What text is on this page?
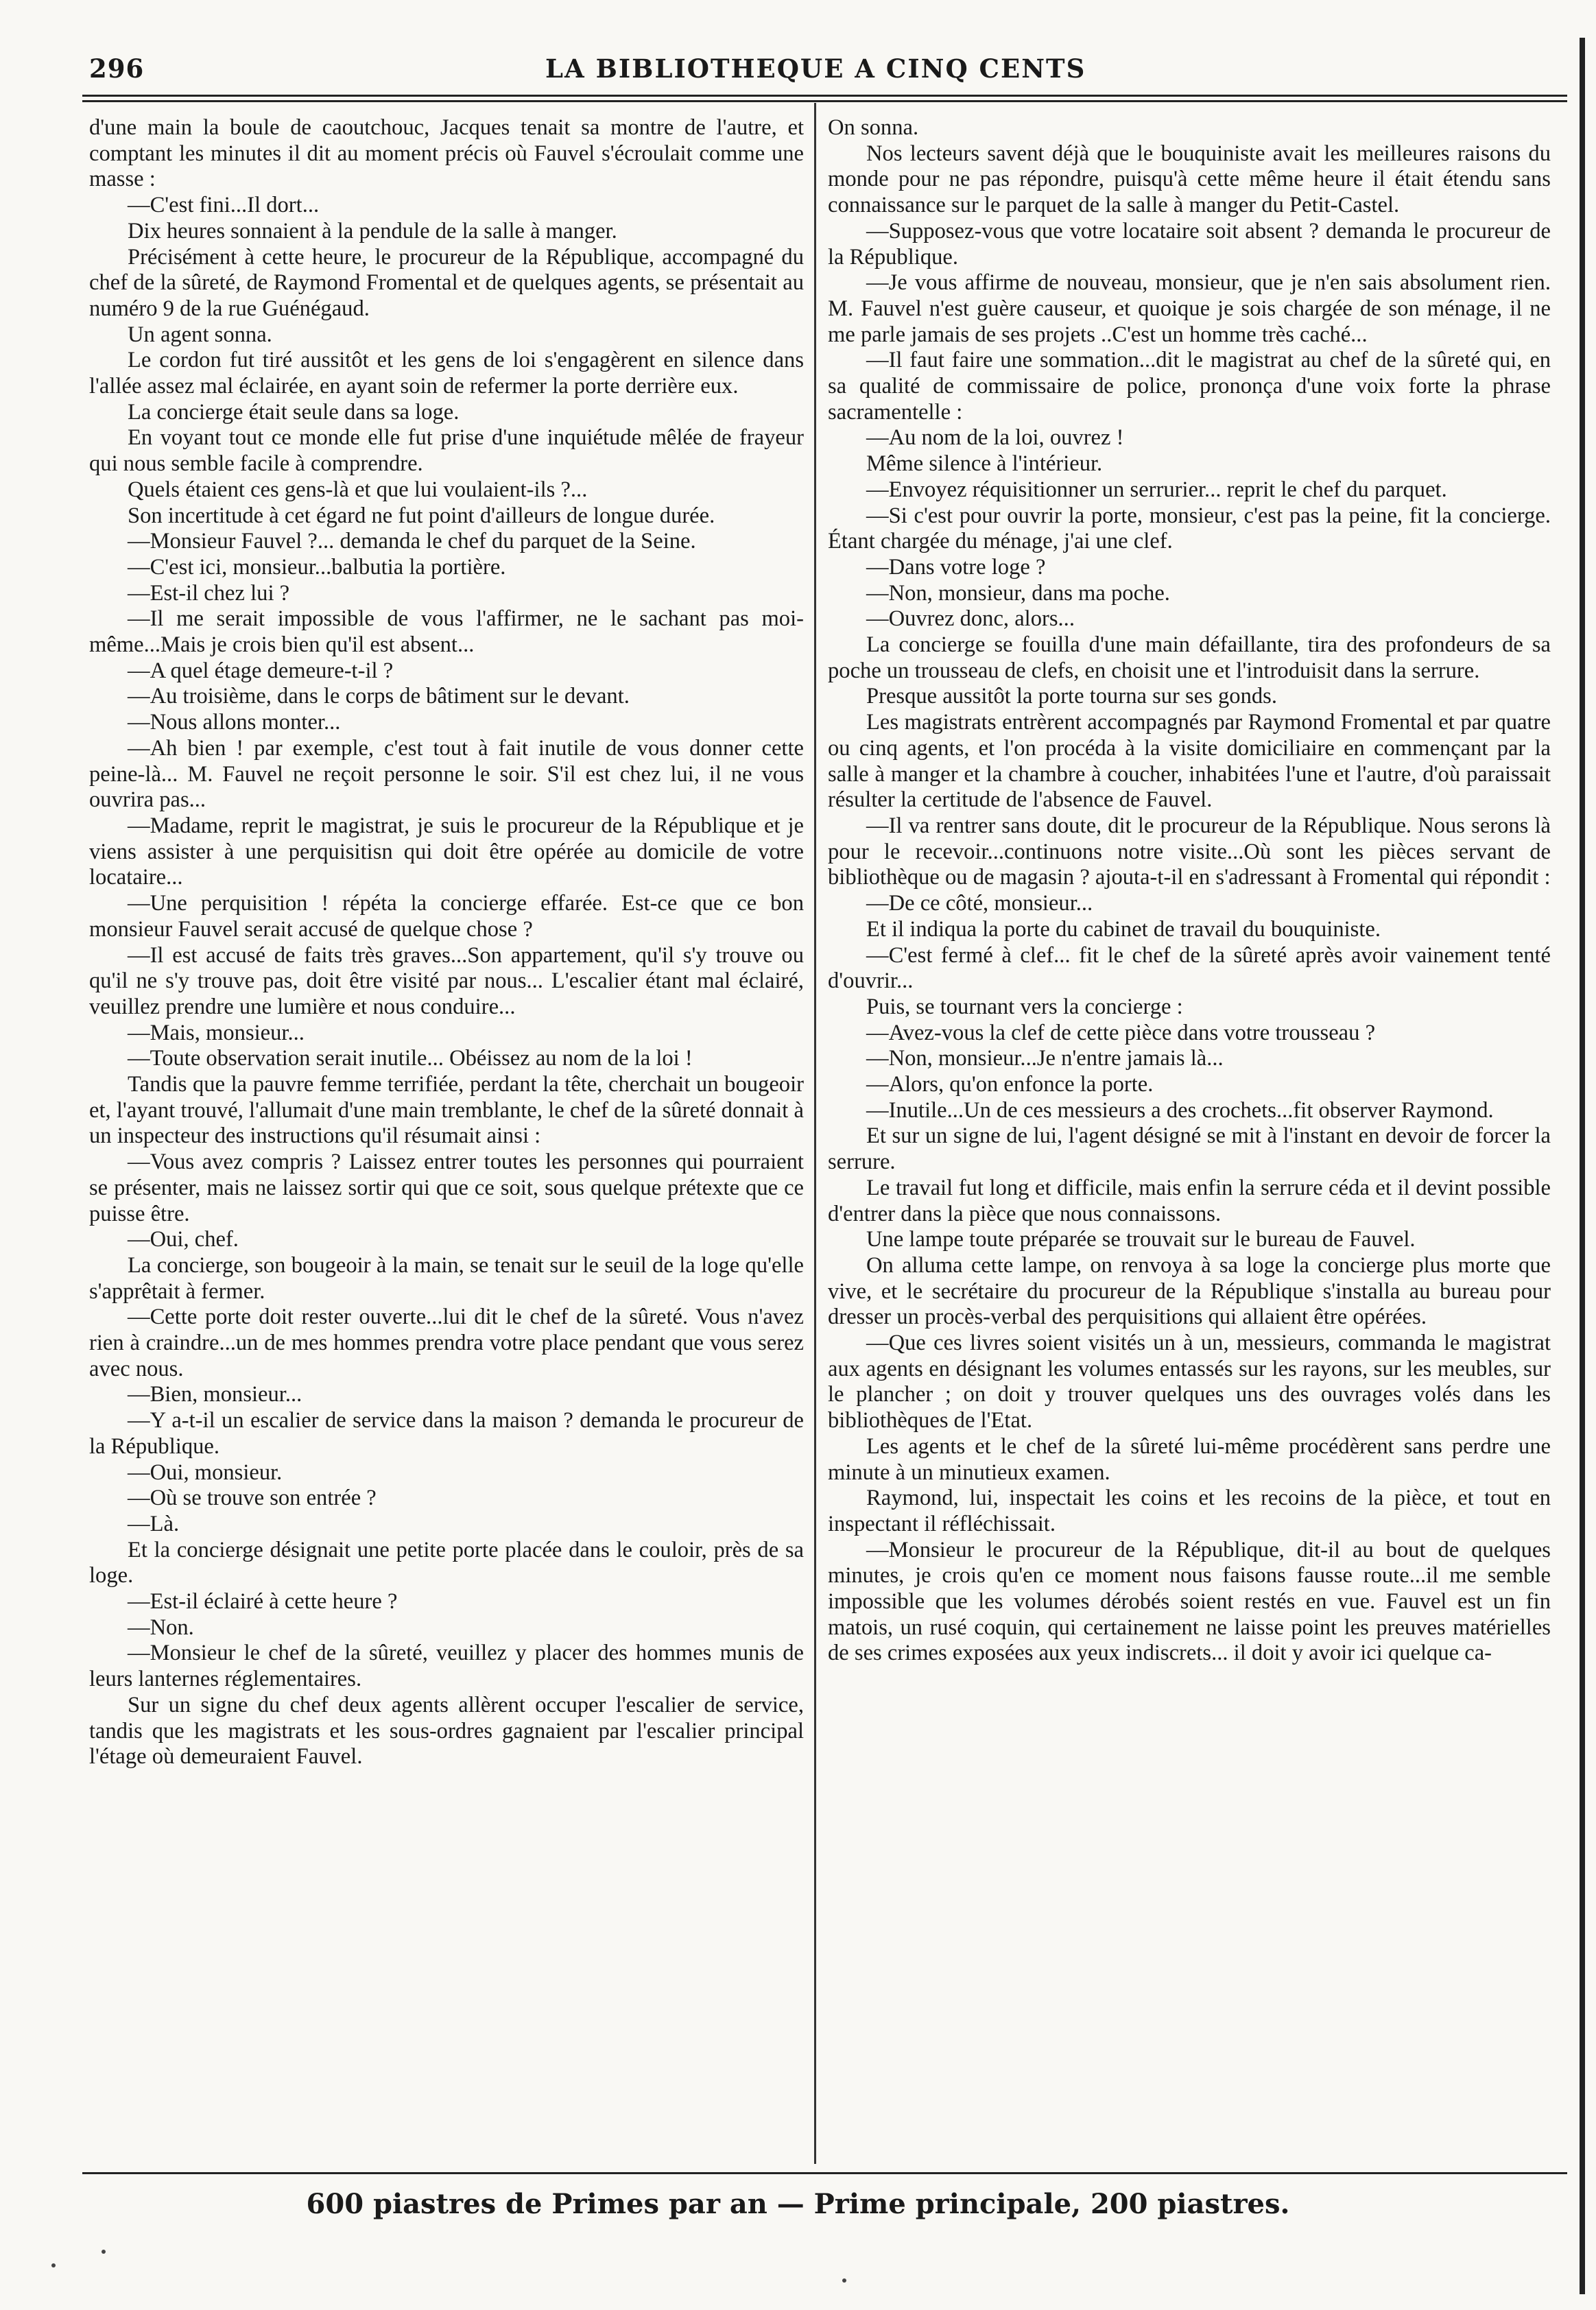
296	LA BIBLIOTHEQUE A CINQ CENTS

d'une main la boule de caoutchouc, Jacques tenait sa montre de l'autre, et comptant les minutes il dit au moment précis où Fauvel s'écroulait comme une masse :

—C'est fini...Il dort...

Dix heures sonnaient à la pendule de la salle à manger.

Précisément à cette heure, le procureur de la République, accompagné du chef de la sûreté, de Raymond Fromental et de quelques agents, se présentait au numéro 9 de la rue Guénégaud.

Un agent sonna.

Le cordon fut tiré aussitôt et les gens de loi s'engagèrent en silence dans l'allée assez mal éclairée, en ayant soin de refermer la porte derrière eux.

La concierge était seule dans sa loge.

En voyant tout ce monde elle fut prise d'une inquiétude mêlée de frayeur qui nous semble facile à comprendre.

Quels étaient ces gens-là et que lui voulaient-ils ?...

Son incertitude à cet égard ne fut point d'ailleurs de longue durée.

—Monsieur Fauvel ?... demanda le chef du parquet de la Seine.

—C'est ici, monsieur...balbutia la portière.

—Est-il chez lui ?

—Il me serait impossible de vous l'affirmer, ne le sachant pas moi-même...Mais je crois bien qu'il est absent...

—A quel étage demeure-t-il ?

—Au troisième, dans le corps de bâtiment sur le devant.

—Nous allons monter...

—Ah bien ! par exemple, c'est tout à fait inutile de vous donner cette peine-là... M. Fauvel ne reçoit personne le soir. S'il est chez lui, il ne vous ouvrira pas...

—Madame, reprit le magistrat, je suis le procureur de la République et je viens assister à une perquisitisn qui doit être opérée au domicile de votre locataire...

—Une perquisition ! répéta la concierge effarée. Est-ce que ce bon monsieur Fauvel serait accusé de quelque chose ?

—Il est accusé de faits très graves...Son appartement, qu'il s'y trouve ou qu'il ne s'y trouve pas, doit être visité par nous... L'escalier étant mal éclairé, veuillez prendre une lumière et nous conduire...

—Mais, monsieur...

—Toute observation serait inutile... Obéissez au nom de la loi !

Tandis que la pauvre femme terrifiée, perdant la tête, cherchait un bougeoir et, l'ayant trouvé, l'allumait d'une main tremblante, le chef de la sûreté donnait à un inspecteur des instructions qu'il résumait ainsi :

—Vous avez compris ? Laissez entrer toutes les personnes qui pourraient se présenter, mais ne laissez sortir qui que ce soit, sous quelque prétexte que ce puisse être.

—Oui, chef.

La concierge, son bougeoir à la main, se tenait sur le seuil de la loge qu'elle s'apprêtait à fermer.

—Cette porte doit rester ouverte...lui dit le chef de la sûreté. Vous n'avez rien à craindre...un de mes hommes prendra votre place pendant que vous serez avec nous.

—Bien, monsieur...

—Y a-t-il un escalier de service dans la maison ? demanda le procureur de la République.

—Oui, monsieur.

—Où se trouve son entrée ?

—Là.

Et la concierge désignait une petite porte placée dans le couloir, près de sa loge.

—Est-il éclairé à cette heure ?

—Non.

—Monsieur le chef de la sûreté, veuillez y placer des hommes munis de leurs lanternes réglementaires.

Sur un signe du chef deux agents allèrent occuper l'escalier de service, tandis que les magistrats et les sous-ordres gagnaient par l'escalier principal l'étage où demeuraient Fauvel.

On sonna.

Nos lecteurs savent déjà que le bouquiniste avait les meilleures raisons du monde pour ne pas répondre, puisqu'à cette même heure il était étendu sans connaissance sur le parquet de la salle à manger du Petit-Castel.

—Supposez-vous que votre locataire soit absent ? demanda le procureur de la République.

—Je vous affirme de nouveau, monsieur, que je n'en sais absolument rien. M. Fauvel n'est guère causeur, et quoique je sois chargée de son ménage, il ne me parle jamais de ses projets ..C'est un homme très caché...

—Il faut faire une sommation...dit le magistrat au chef de la sûreté qui, en sa qualité de commissaire de police, prononça d'une voix forte la phrase sacramentelle :

—Au nom de la loi, ouvrez !

Même silence à l'intérieur.

—Envoyez réquisitionner un serrurier... reprit le chef du parquet.

—Si c'est pour ouvrir la porte, monsieur, c'est pas la peine, fit la concierge. Étant chargée du ménage, j'ai une clef.

—Dans votre loge ?

—Non, monsieur, dans ma poche.

—Ouvrez donc, alors...

La concierge se fouilla d'une main défaillante, tira des profondeurs de sa poche un trousseau de clefs, en choisit une et l'introduisit dans la serrure.

Presque aussitôt la porte tourna sur ses gonds.

Les magistrats entrèrent accompagnés par Raymond Fromental et par quatre ou cinq agents, et l'on procéda à la visite domiciliaire en commençant par la salle à manger et la chambre à coucher, inhabitées l'une et l'autre, d'où paraissait résulter la certitude de l'absence de Fauvel.

—Il va rentrer sans doute, dit le procureur de la République. Nous serons là pour le recevoir...continuons notre visite...Où sont les pièces servant de bibliothèque ou de magasin ? ajouta-t-il en s'adressant à Fromental qui répondit :

—De ce côté, monsieur...

Et il indiqua la porte du cabinet de travail du bouquiniste.

—C'est fermé à clef... fit le chef de la sûreté après avoir vainement tenté d'ouvrir...

Puis, se tournant vers la concierge :

—Avez-vous la clef de cette pièce dans votre trousseau ?

—Non, monsieur...Je n'entre jamais là...

—Alors, qu'on enfonce la porte.

—Inutile...Un de ces messieurs a des crochets...fit observer Raymond.

Et sur un signe de lui, l'agent désigné se mit à l'instant en devoir de forcer la serrure.

Le travail fut long et difficile, mais enfin la serrure céda et il devint possible d'entrer dans la pièce que nous connaissons.

Une lampe toute préparée se trouvait sur le bureau de Fauvel.

On alluma cette lampe, on renvoya à sa loge la concierge plus morte que vive, et le secrétaire du procureur de la République s'installa au bureau pour dresser un procès-verbal des perquisitions qui allaient être opérées.

—Que ces livres soient visités un à un, messieurs, commanda le magistrat aux agents en désignant les volumes entassés sur les rayons, sur les meubles, sur le plancher ; on doit y trouver quelques uns des ouvrages volés dans les bibliothèques de l'Etat.

Les agents et le chef de la sûreté lui-même procédèrent sans perdre une minute à un minutieux examen.

Raymond, lui, inspectait les coins et les recoins de la pièce, et tout en inspectant il réfléchissait.

—Monsieur le procureur de la République, dit-il au bout de quelques minutes, je crois qu'en ce moment nous faisons fausse route...il me semble impossible que les volumes dérobés soient restés en vue. Fauvel est un fin matois, un rusé coquin, qui certainement ne laisse point les preuves matérielles de ses crimes exposées aux yeux indiscrets... il doit y avoir ici quelque ca-

600 piastres de Primes par an — Prime principale, 200 piastres.
